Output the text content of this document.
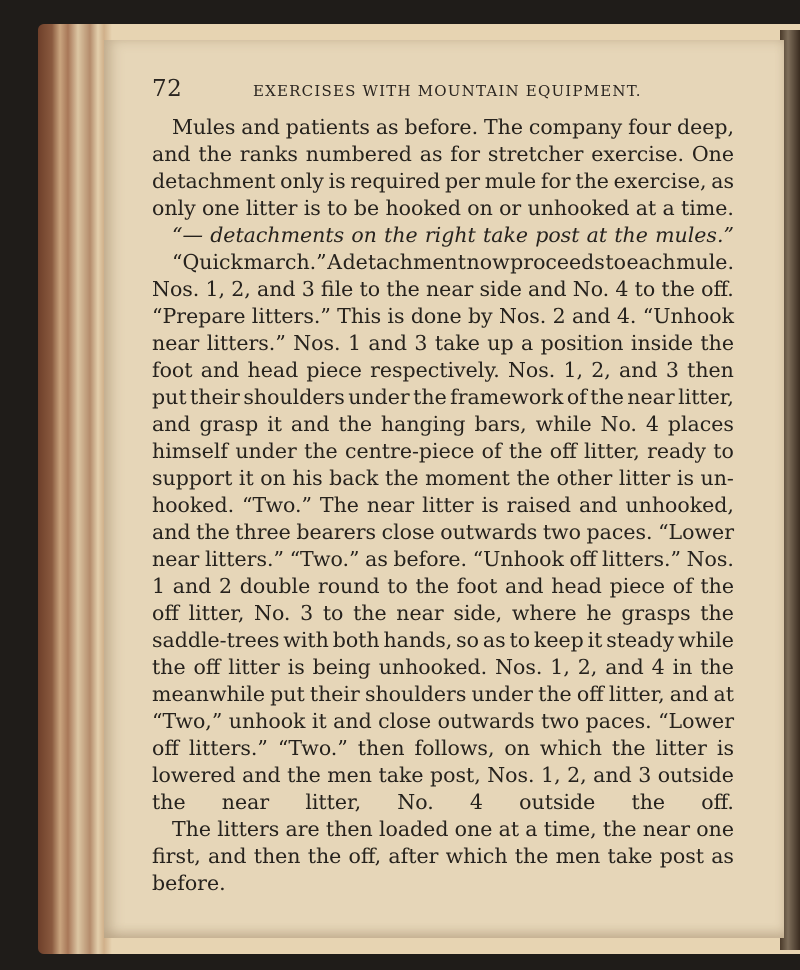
72	EXERCISES WITH MOUNTAIN EQUIPMENT.
Mules and patients as before. The company four deep,
and the ranks numbered as for stretcher exercise. One
detachment only is required per mule for the exercise, as
only one litter is to be hooked on or unhooked at a time.
“— detachments on the right take post at the mules.”
“Quick march.” A detachment now proceeds to each mule.
Nos. 1, 2, and 3 file to the near side and No. 4 to the off.
“Prepare litters.” This is done by Nos. 2 and 4. “Unhook
near litters.” Nos. 1 and 3 take up a position inside the
foot and head piece respectively. Nos. 1, 2, and 3 then
put their shoulders under the framework of the near litter,
and grasp it and the hanging bars, while No. 4 places
himself under the centre-piece of the off litter, ready to
support it on his back the moment the other litter is un-
hooked. “Two.” The near litter is raised and unhooked,
and the three bearers close outwards two paces. “Lower
near litters.” “Two.” as before. “Unhook off litters.” Nos.
1 and 2 double round to the foot and head piece of the
off litter, No. 3 to the near side, where he grasps the
saddle-trees with both hands, so as to keep it steady while
the off litter is being unhooked. Nos. 1, 2, and 4 in the
meanwhile put their shoulders under the off litter, and at
“Two,” unhook it and close outwards two paces. “Lower
off litters.” “Two.” then follows, on which the litter is
lowered and the men take post, Nos. 1, 2, and 3 outside
the near litter, No. 4 outside the off.
The litters are then loaded one at a time, the near one
first, and then the off, after which the men take post as
before.
